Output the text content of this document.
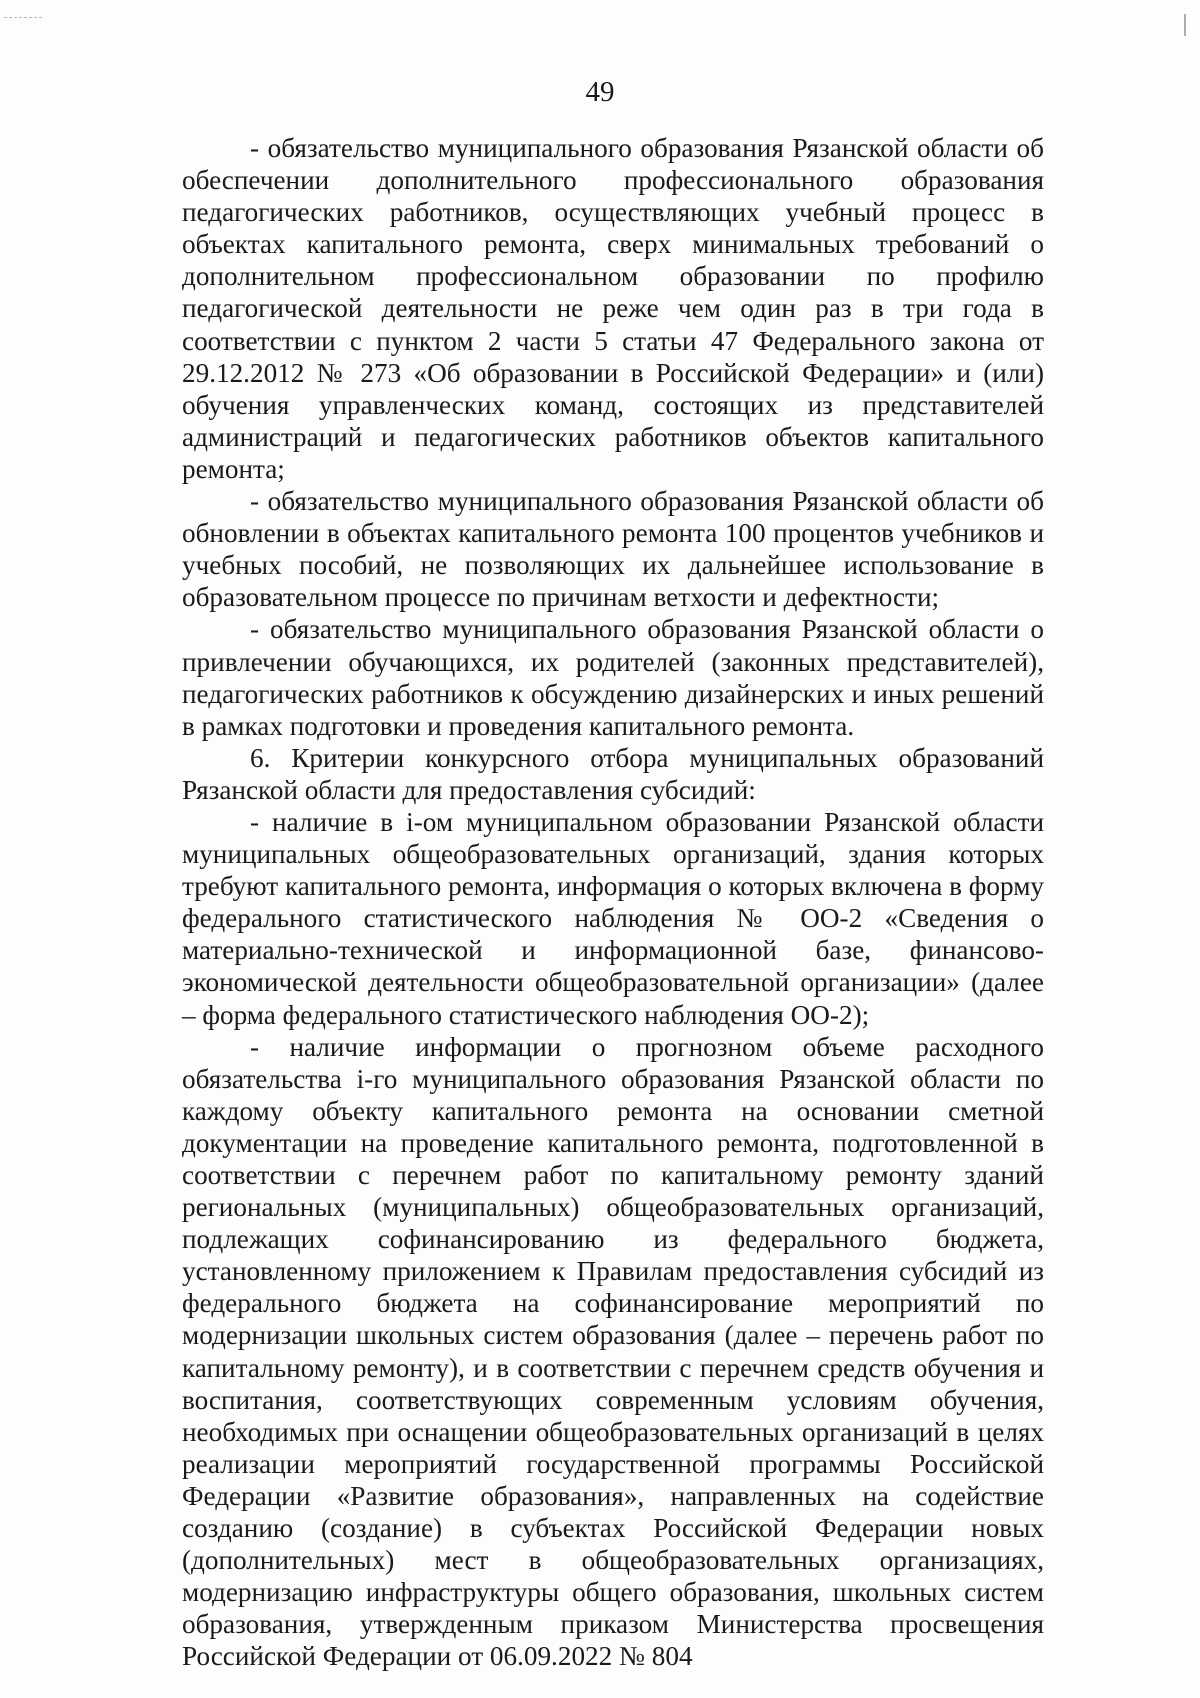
49

- обязательство муниципального образования Рязанской области об обеспечении дополнительного профессионального образования педагогических работников, осуществляющих учебный процесс в объектах капитального ремонта, сверх минимальных требований о дополнительном профессиональном образовании по профилю педагогической деятельности не реже чем один раз в три года в соответствии с пунктом 2 части 5 статьи 47 Федерального закона от 29.12.2012 № 273 «Об образовании в Российской Федерации» и (или) обучения управленческих команд, состоящих из представителей администраций и педагогических работников объектов капитального ремонта;

- обязательство муниципального образования Рязанской области об обновлении в объектах капитального ремонта 100 процентов учебников и учебных пособий, не позволяющих их дальнейшее использование в образовательном процессе по причинам ветхости и дефектности;

- обязательство муниципального образования Рязанской области о привлечении обучающихся, их родителей (законных представителей), педагогических работников к обсуждению дизайнерских и иных решений в рамках подготовки и проведения капитального ремонта.

6. Критерии конкурсного отбора муниципальных образований Рязанской области для предоставления субсидий:

- наличие в i-ом муниципальном образовании Рязанской области муниципальных общеобразовательных организаций, здания которых требуют капитального ремонта, информация о которых включена в форму федерального статистического наблюдения № ОО-2 «Сведения о материально-технической и информационной базе, финансово-экономической деятельности общеобразовательной организации» (далее – форма федерального статистического наблюдения ОО-2);

- наличие информации о прогнозном объеме расходного обязательства i-го муниципального образования Рязанской области по каждому объекту капитального ремонта на основании сметной документации на проведение капитального ремонта, подготовленной в соответствии с перечнем работ по капитальному ремонту зданий региональных (муниципальных) общеобразовательных организаций, подлежащих софинансированию из федерального бюджета, установленному приложением к Правилам предоставления субсидий из федерального бюджета на софинансирование мероприятий по модернизации школьных систем образования (далее – перечень работ по капитальному ремонту), и в соответствии с перечнем средств обучения и воспитания, соответствующих современным условиям обучения, необходимых при оснащении общеобразовательных организаций в целях реализации мероприятий государственной программы Российской Федерации «Развитие образования», направленных на содействие созданию (создание) в субъектах Российской Федерации новых (дополнительных) мест в общеобразовательных организациях, модернизацию инфраструктуры общего образования, школьных систем образования, утвержденным приказом Министерства просвещения Российской Федерации от 06.09.2022 № 804
